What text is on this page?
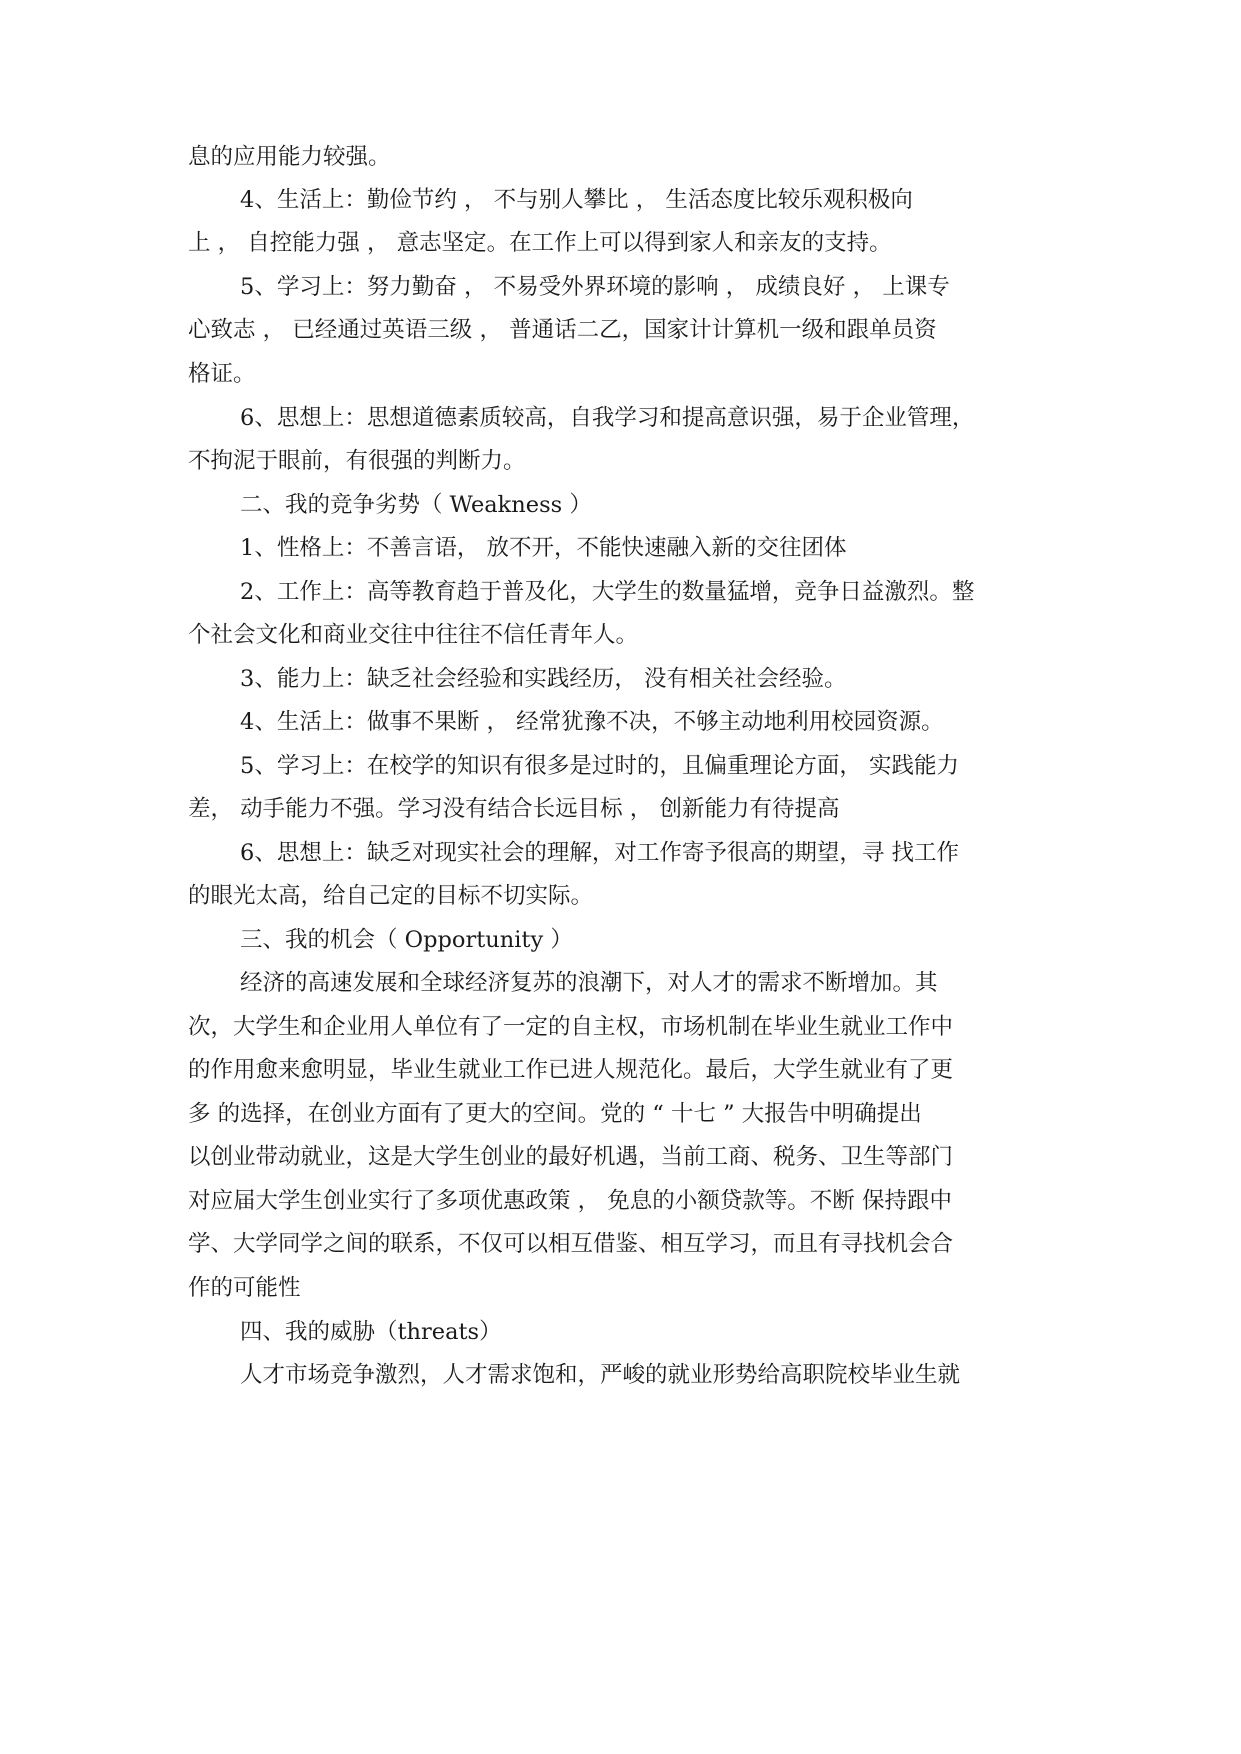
息的应用能力较强。

4、生活上：勤俭节约 ， 不与别人攀比 ， 生活态度比较乐观积极向

上 ， 自控能力强 ， 意志坚定。在工作上可以得到家人和亲友的支持。

5、学习上：努力勤奋 ， 不易受外界环境的影响 ， 成绩良好 ， 上课专

心致志 ， 已经通过英语三级 ， 普通话二乙，国家计计算机一级和跟单员资

格证。

6、思想上：思想道德素质较高，自我学习和提高意识强，易于企业管理，

不拘泥于眼前，有很强的判断力。

二、我的竞争劣势（ Weakness ）

1、性格上：不善言语， 放不开，不能快速融入新的交往团体

2、工作上：高等教育趋于普及化，大学生的数量猛增，竞争日益激烈。整

个社会文化和商业交往中往往不信任青年人。

3、能力上：缺乏社会经验和实践经历， 没有相关社会经验。

4、生活上：做事不果断 ， 经常犹豫不决，不够主动地利用校园资源。

5、学习上：在校学的知识有很多是过时的，且偏重理论方面， 实践能力

差， 动手能力不强。学习没有结合长远目标 ， 创新能力有待提高

6、思想上：缺乏对现实社会的理解，对工作寄予很高的期望，寻 找工作

的眼光太高，给自己定的目标不切实际。

三、我的机会（ Opportunity ）

经济的高速发展和全球经济复苏的浪潮下，对人才的需求不断增加。其

次，大学生和企业用人单位有了一定的自主权，市场机制在毕业生就业工作中

的作用愈来愈明显，毕业生就业工作已进人规范化。最后，大学生就业有了更

多 的选择，在创业方面有了更大的空间。党的 “ 十七 ” 大报告中明确提出

以创业带动就业，这是大学生创业的最好机遇，当前工商、税务、卫生等部门

对应届大学生创业实行了多项优惠政策 ， 免息的小额贷款等。不断 保持跟中

学、大学同学之间的联系，不仅可以相互借鉴、相互学习，而且有寻找机会合

作的可能性

四、我的威胁（threats）

人才市场竞争激烈，人才需求饱和，严峻的就业形势给高职院校毕业生就
